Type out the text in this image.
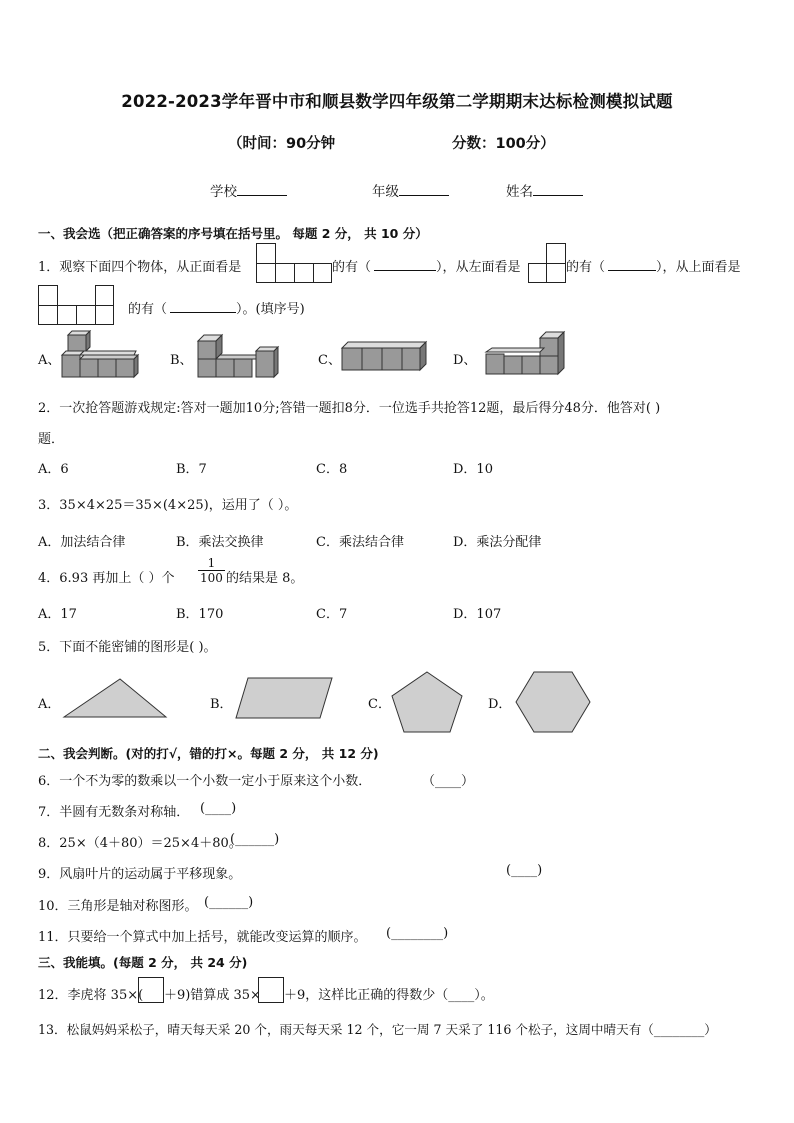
2022-2023学年晋中市和顺县数学四年级第二学期期末达标检测模拟试题
（时间：90分钟	分数：100分）
学校	年级	姓名
一、我会选（把正确答案的序号填在括号里。 每题 2 分， 共 10 分）
1．观察下面四个物体，从正面看是	的有（	），从左面看是	的有（	），从上面看是
的有（	）。(填序号)
A、	B、	C、	D、
2．一次抢答题游戏规定:答对一题加10分;答错一题扣8分．一位选手共抢答12题，最后得分48分．他答对( )
题．
A．6	B．7	C．8	D．10
3．35×4×25＝35×(4×25)，运用了（ ）。
A．加法结合律	B．乘法交换律	C．乘法结合律	D．乘法分配律
4．6.93 再加上（ ）个 $\frac{1}{100}$ 的结果是 8。
A．17	B．170	C．7	D．107
5．下面不能密铺的图形是( )。
A．	B．	C．	D．
二、我会判断。(对的打√，错的打×。每题 2 分， 共 12 分)
6．一个不为零的数乘以一个小数一定小于原来这个小数．	（____）
7．半圆有无数条对称轴． (____)
8．25×（4＋80）＝25×4＋80。
(______)
9．风扇叶片的运动属于平移现象。	(____)
10．三角形是轴对称图形。 (______)
11．只要给一个算式中加上括号，就能改变运算的顺序。 (________)
三、我能填。(每题 2 分， 共 24 分)
12．李虎将 35×( ＋9)错算成 35× ＋9，这样比正确的得数少（____）。
13．松鼠妈妈采松子，晴天每天采 20 个，雨天每天采 12 个，它一周 7 天采了 116 个松子，这周中晴天有（________）
